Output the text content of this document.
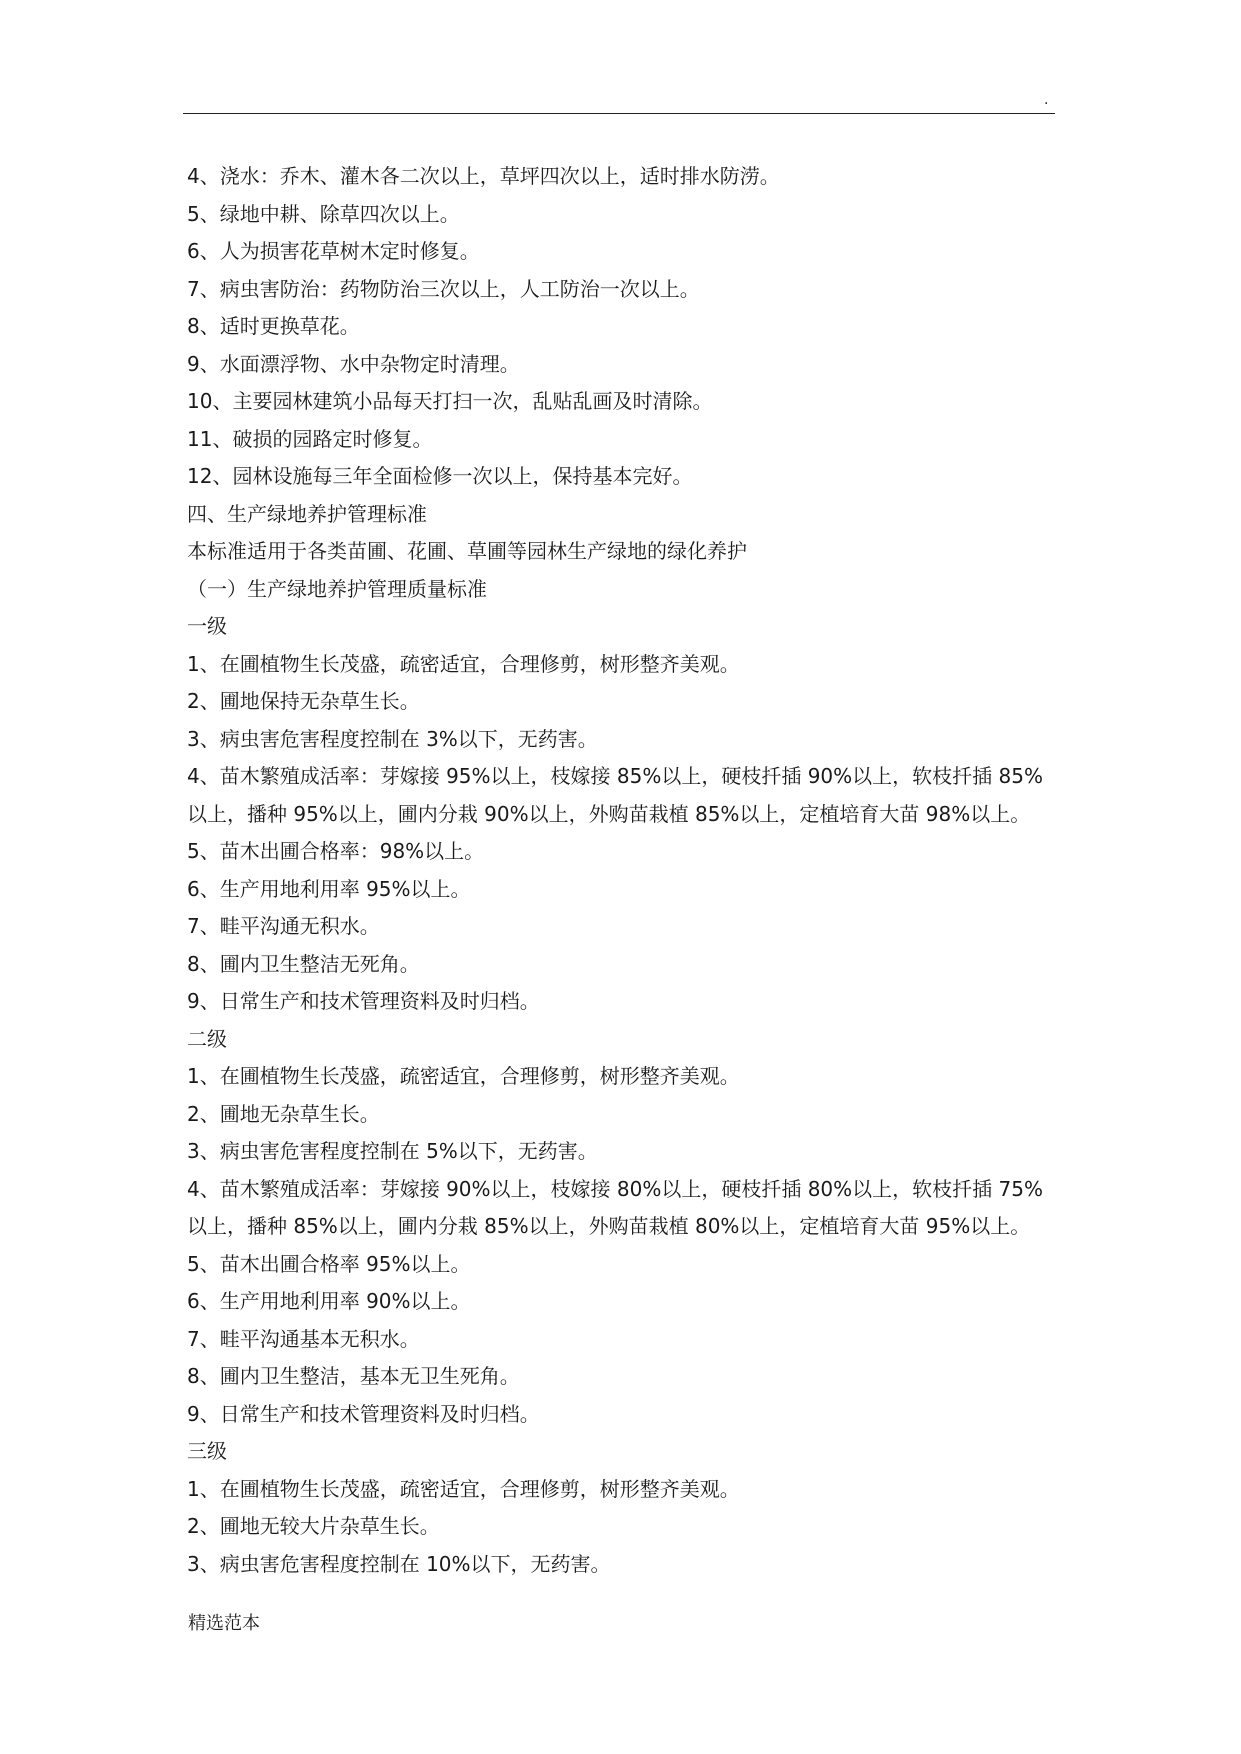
.

4、浇水：乔木、灌木各二次以上，草坪四次以上，适时排水防涝。

5、绿地中耕、除草四次以上。

6、人为损害花草树木定时修复。

7、病虫害防治：药物防治三次以上，人工防治一次以上。

8、适时更换草花。

9、水面漂浮物、水中杂物定时清理。

10、主要园林建筑小品每天打扫一次，乱贴乱画及时清除。

11、破损的园路定时修复。

12、园林设施每三年全面检修一次以上，保持基本完好。

四、生产绿地养护管理标准

本标准适用于各类苗圃、花圃、草圃等园林生产绿地的绿化养护

（一）生产绿地养护管理质量标准

一级

1、在圃植物生长茂盛，疏密适宜，合理修剪，树形整齐美观。

2、圃地保持无杂草生长。

3、病虫害危害程度控制在 3%以下，无药害。

4、苗木繁殖成活率：芽嫁接 95%以上，枝嫁接 85%以上，硬枝扦插 90%以上，软枝扦插 85%

以上，播种 95%以上，圃内分栽 90%以上，外购苗栽植 85%以上，定植培育大苗 98%以上。

5、苗木出圃合格率：98%以上。

6、生产用地利用率 95%以上。

7、畦平沟通无积水。

8、圃内卫生整洁无死角。

9、日常生产和技术管理资料及时归档。

二级

1、在圃植物生长茂盛，疏密适宜，合理修剪，树形整齐美观。

2、圃地无杂草生长。

3、病虫害危害程度控制在 5%以下，无药害。

4、苗木繁殖成活率：芽嫁接 90%以上，枝嫁接 80%以上，硬枝扦插 80%以上，软枝扦插 75%

以上，播种 85%以上，圃内分栽 85%以上，外购苗栽植 80%以上，定植培育大苗 95%以上。

5、苗木出圃合格率 95%以上。

6、生产用地利用率 90%以上。

7、畦平沟通基本无积水。

8、圃内卫生整洁，基本无卫生死角。

9、日常生产和技术管理资料及时归档。

三级

1、在圃植物生长茂盛，疏密适宜，合理修剪，树形整齐美观。

2、圃地无较大片杂草生长。

3、病虫害危害程度控制在 10%以下，无药害。

精选范本
